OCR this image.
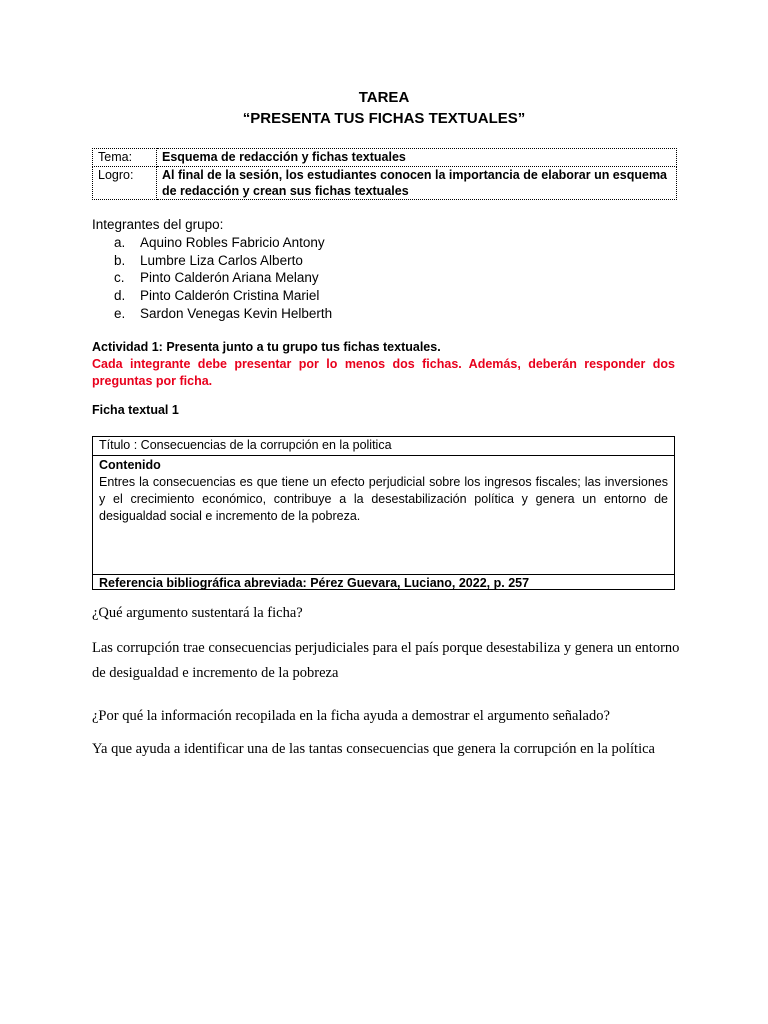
TAREA
“PRESENTA TUS FICHAS TEXTUALES”
Tema:	Esquema de redacción y fichas textuales
Logro:	Al final de la sesión, los estudiantes conocen la importancia de elaborar un esquema de redacción y crean sus fichas textuales
Integrantes del grupo:
a. Aquino Robles Fabricio Antony
b. Lumbre Liza Carlos Alberto
c. Pinto Calderón Ariana Melany
d. Pinto Calderón Cristina Mariel
e. Sardon Venegas Kevin Helberth
Actividad 1: Presenta junto a tu grupo tus fichas textuales.
Cada integrante debe presentar por lo menos dos fichas. Además, deberán responder dos preguntas por ficha.
Ficha textual 1
Título : Consecuencias de la corrupción en la politica
Contenido
Entres la consecuencias es que tiene un efecto perjudicial sobre los ingresos fiscales; las inversiones y el crecimiento económico, contribuye a la desestabilización política y genera un entorno de desigualdad social e incremento de la pobreza.
Referencia bibliográfica abreviada: Pérez Guevara, Luciano, 2022, p. 257
¿Qué argumento sustentará la ficha?
Las corrupción trae consecuencias perjudiciales para el país porque desestabiliza y genera un entorno de desigualdad e incremento de la pobreza
¿Por qué la información recopilada en la ficha ayuda a demostrar el argumento señalado?
Ya que ayuda a identificar una de las tantas consecuencias que genera la corrupción en la política
